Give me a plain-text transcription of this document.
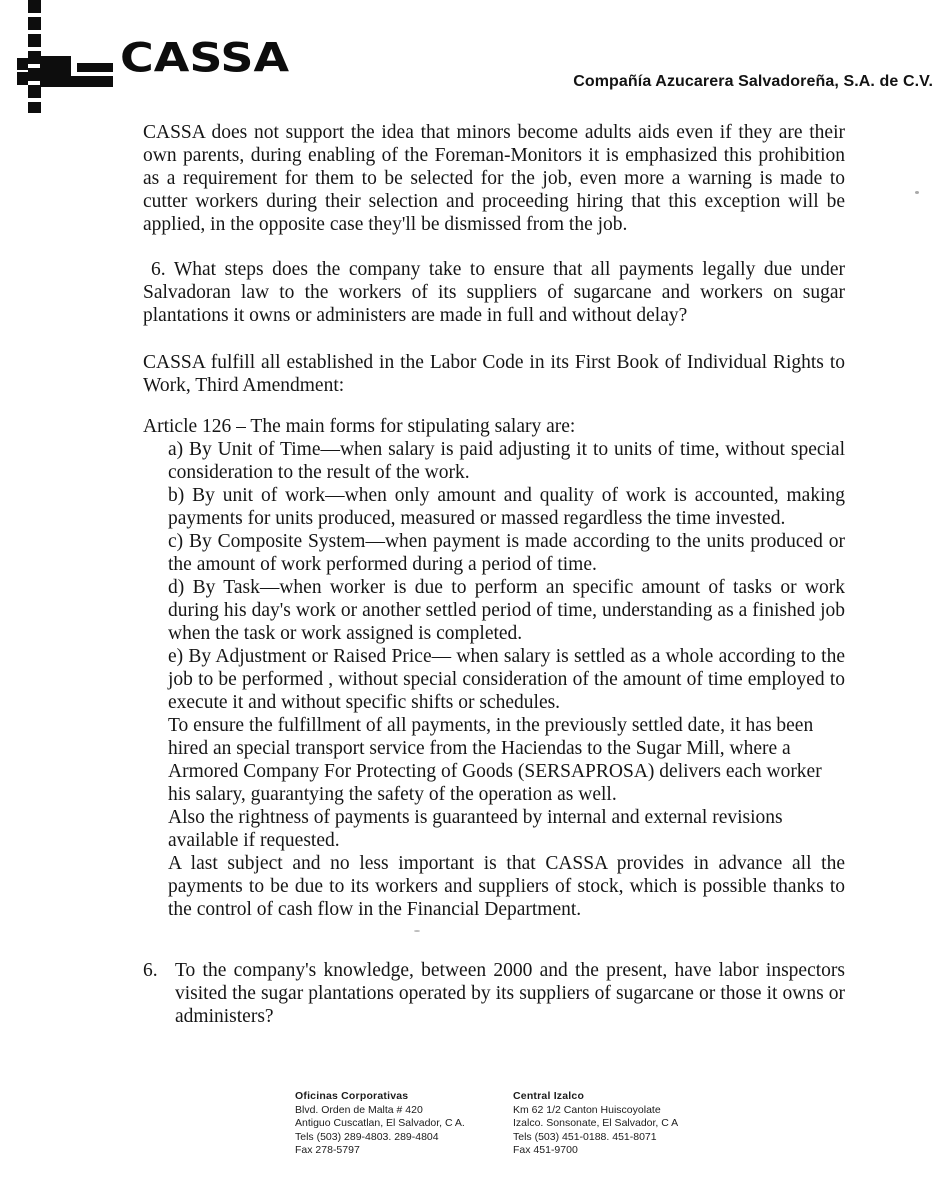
CASSA
Compañía Azucarera Salvadoreña, S.A. de C.V.

CASSA does not support the idea that minors become adults aids even if they are their own parents, during enabling of the Foreman-Monitors it is emphasized this prohibition as a requirement for them to be selected for the job, even more a warning is made to cutter workers during their selection and proceeding hiring that this exception will be applied, in the opposite case they'll be dismissed from the job.

6. What steps does the company take to ensure that all payments legally due under Salvadoran law to the workers of its suppliers of sugarcane and workers on sugar plantations it owns or administers are made in full and without delay?

CASSA fulfill all established in the Labor Code in its First Book of Individual Rights to Work, Third Amendment:

Article 126 – The main forms for stipulating salary are:

a) By Unit of Time—when salary is paid adjusting it to units of time, without special consideration to the result of the work.

b) By unit of work—when only amount and quality of work is accounted, making payments for units produced, measured or massed regardless the time invested.

c) By Composite System—when payment is made according to the units produced or the amount of work performed during a period of time.

d) By Task—when worker is due to perform an specific amount of tasks or work during his day's work or another settled period of time, understanding as a finished job when the task or work assigned is completed.

e) By Adjustment or Raised Price— when salary is settled as a whole according to the job to be performed , without special consideration of the amount of time employed to execute it and without specific shifts or schedules.

To ensure the fulfillment of all payments, in the previously settled date, it has been hired an special transport service from the Haciendas to the Sugar Mill, where a Armored Company For Protecting of Goods (SERSAPROSA) delivers each worker his salary, guarantying the safety of the operation as well.

Also the rightness of payments is guaranteed by internal and external revisions available if requested.

A last subject and no less important is that CASSA provides in advance all the payments to be due to its workers and suppliers of stock, which is possible thanks to the control of cash flow in the Financial Department.

6. To the company's knowledge, between 2000 and the present, have labor inspectors visited the sugar plantations operated by its suppliers of sugarcane or those it owns or administers?

Oficinas Corporativas
Blvd. Orden de Malta # 420
Antiguo Cuscatlan, El Salvador, C A.
Tels (503) 289-4803. 289-4804
Fax 278-5797
Central Izalco
Km 62 1/2 Canton Huiscoyolate
Izalco. Sonsonate, El Salvador, C A
Tels (503) 451-0188. 451-8071
Fax 451-9700
